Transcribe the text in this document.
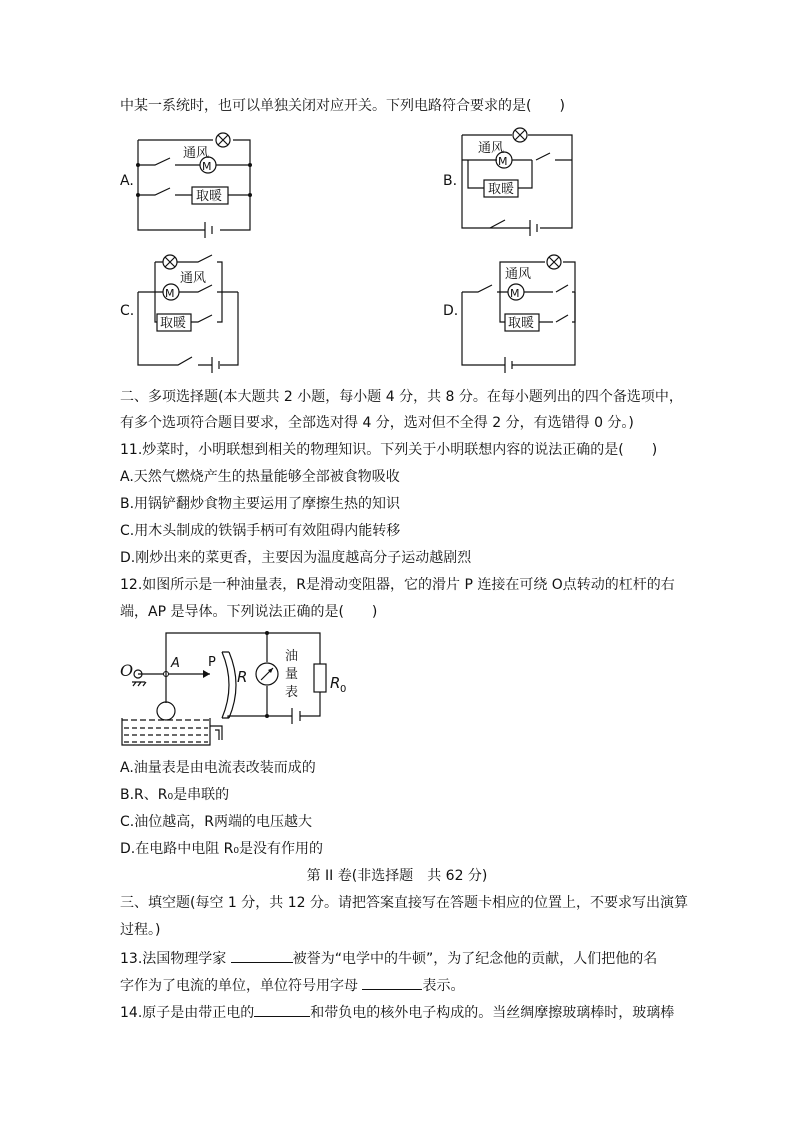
中某一系统时，也可以单独关闭对应开关。下列电路符合要求的是(　　)
A.
M
通风
取暖
B.
M
通风
取暖
C.
M
通风
取暖
D.
M
通风
取暖
二、多项选择题(本大题共 2 小题，每小题 4 分，共 8 分。在每小题列出的四个备选项中，
有多个选项符合题目要求，全部选对得 4 分，选对但不全得 2 分，有选错得 0 分。)
11.炒菜时，小明联想到相关的物理知识。下列关于小明联想内容的说法正确的是(　　)
A.天然气燃烧产生的热量能够全部被食物吸收
B.用锅铲翻炒食物主要运用了摩擦生热的知识
C.用木头制成的铁锅手柄可有效阻碍内能转移
D.刚炒出来的菜更香，主要因为温度越高分子运动越剧烈
12.如图所示是一种油量表，R是滑动变阻器，它的滑片 P 连接在可绕 O点转动的杠杆的右
端，AP 是导体。下列说法正确的是(　　)
O	A P
R
油
量
表
R 0
A.油量表是由电流表改装而成的
B.R、R₀是串联的
C.油位越高，R两端的电压越大
D.在电路中电阻 R₀是没有作用的
第 II 卷(非选择题　共 62 分)
三、填空题(每空 1 分，共 12 分。请把答案直接写在答题卡相应的位置上，不要求写出演算
过程。)
13.法国物理学家	被誉为“电学中的牛顿”，为了纪念他的贡献，人们把他的名
字作为了电流的单位，单位符号用字母	表示。
14.原子是由带正电的	和带负电的核外电子构成的。当丝绸摩擦玻璃棒时，玻璃棒
